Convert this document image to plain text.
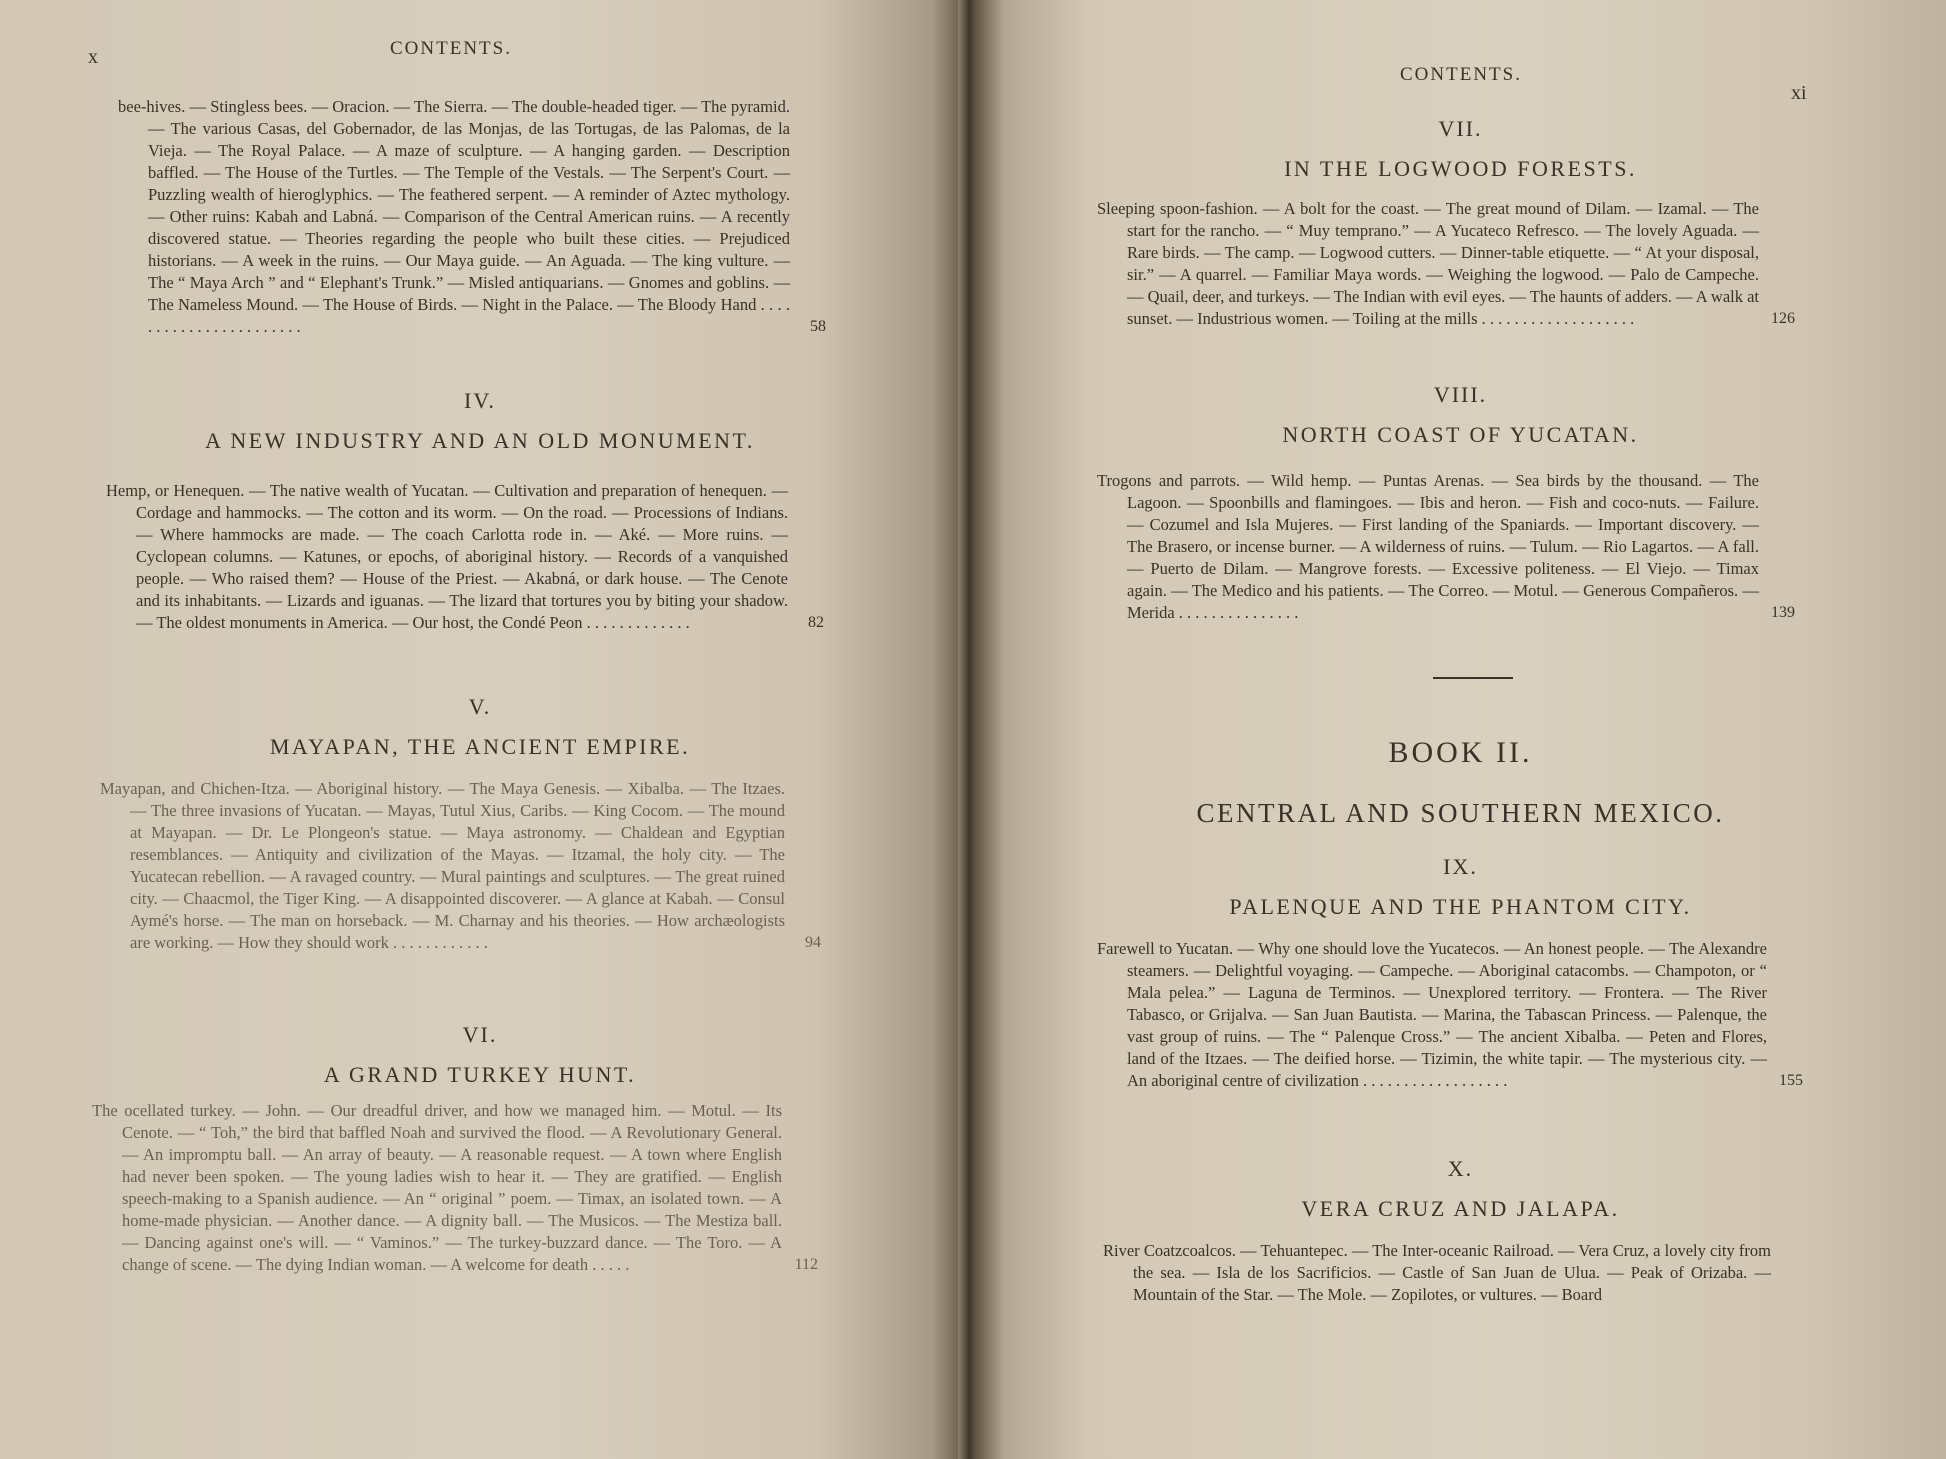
x	CONTENTS.
bee-hives. — Stingless bees. — Oracion. — The Sierra. — The double-headed tiger. — The pyramid. — The various Casas, del Gobernador, de las Monjas, de las Tortugas, de las Palomas, de la Vieja. — The Royal Palace. — A maze of sculpture. — A hanging garden. — Description baffled. — The House of the Turtles. — The Temple of the Vestals. — The Serpent's Court. — Puzzling wealth of hieroglyphics. — The feathered serpent. — A reminder of Aztec mythology. — Other ruins: Kabah and Labná. — Comparison of the Central American ruins. — A recently discovered statue. — Theories regarding the people who built these cities. — Prejudiced historians. — A week in the ruins. — Our Maya guide. — An Aguada. — The king vulture. — The “ Maya Arch ” and “ Elephant's Trunk.” — Misled antiquarians. — Gnomes and goblins. — The Nameless Mound. — The House of Birds. — Night in the Palace. — The Bloody Hand . . . . . . . . . . . . . . . . . . . . . . .	58
IV.
A NEW INDUSTRY AND AN OLD MONUMENT.
Hemp, or Henequen. — The native wealth of Yucatan. — Cultivation and preparation of henequen. — Cordage and hammocks. — The cotton and its worm. — On the road. — Processions of Indians. — Where hammocks are made. — The coach Carlotta rode in. — Aké. — More ruins. — Cyclopean columns. — Katunes, or epochs, of aboriginal history. — Records of a vanquished people. — Who raised them? — House of the Priest. — Akabná, or dark house. — The Cenote and its inhabitants. — Lizards and iguanas. — The lizard that tortures you by biting your shadow. — The oldest monuments in America. — Our host, the Condé Peon . . . . . . . . . . . . .	82
V.
MAYAPAN, THE ANCIENT EMPIRE.
Mayapan, and Chichen-Itza. — Aboriginal history. — The Maya Genesis. — Xibalba. — The Itzaes. — The three invasions of Yucatan. — Mayas, Tutul Xius, Caribs. — King Cocom. — The mound at Mayapan. — Dr. Le Plongeon's statue. — Maya astronomy. — Chaldean and Egyptian resemblances. — Antiquity and civilization of the Mayas. — Itzamal, the holy city. — The Yucatecan rebellion. — A ravaged country. — Mural paintings and sculptures. — The great ruined city. — Chaacmol, the Tiger King. — A disappointed discoverer. — A glance at Kabah. — Consul Aymé's horse. — The man on horseback. — M. Charnay and his theories. — How archæologists are working. — How they should work . . . . . . . . . . . .	94
VI.
A GRAND TURKEY HUNT.
The ocellated turkey. — John. — Our dreadful driver, and how we managed him. — Motul. — Its Cenote. — “ Toh,” the bird that baffled Noah and survived the flood. — A Revolutionary General. — An impromptu ball. — An array of beauty. — A reasonable request. — A town where English had never been spoken. — The young ladies wish to hear it. — They are gratified. — English speech-making to a Spanish audience. — An “ original ” poem. — Timax, an isolated town. — A home-made physician. — Another dance. — A dignity ball. — The Musicos. — The Mestiza ball. — Dancing against one's will. — “ Vaminos.” — The turkey-buzzard dance. — The Toro. — A change of scene. — The dying Indian woman. — A welcome for death . . . . .	112
CONTENTS.
xi
VII.
IN THE LOGWOOD FORESTS.
Sleeping spoon-fashion. — A bolt for the coast. — The great mound of Dilam. — Izamal. — The start for the rancho. — “ Muy temprano.” — A Yucateco Refresco. — The lovely Aguada. — Rare birds. — The camp. — Logwood cutters. — Dinner-table etiquette. — “ At your disposal, sir.” — A quarrel. — Familiar Maya words. — Weighing the logwood. — Palo de Campeche. — Quail, deer, and turkeys. — The Indian with evil eyes. — The haunts of adders. — A walk at sunset. — Industrious women. — Toiling at the mills . . . . . . . . . . . . . . . . . . .	126
VIII.
NORTH COAST OF YUCATAN.
Trogons and parrots. — Wild hemp. — Puntas Arenas. — Sea birds by the thousand. — The Lagoon. — Spoonbills and flamingoes. — Ibis and heron. — Fish and coco-nuts. — Failure. — Cozumel and Isla Mujeres. — First landing of the Spaniards. — Important discovery. — The Brasero, or incense burner. — A wilderness of ruins. — Tulum. — Rio Lagartos. — A fall. — Puerto de Dilam. — Mangrove forests. — Excessive politeness. — El Viejo. — Timax again. — The Medico and his patients. — The Correo. — Motul. — Generous Compañeros. — Merida . . . . . . . . . . . . . . .	139
BOOK II.
CENTRAL AND SOUTHERN MEXICO.
IX.
PALENQUE AND THE PHANTOM CITY.
Farewell to Yucatan. — Why one should love the Yucatecos. — An honest people. — The Alexandre steamers. — Delightful voyaging. — Campeche. — Aboriginal catacombs. — Champoton, or “ Mala pelea.” — Laguna de Terminos. — Unexplored territory. — Frontera. — The River Tabasco, or Grijalva. — San Juan Bautista. — Marina, the Tabascan Princess. — Palenque, the vast group of ruins. — The “ Palenque Cross.” — The ancient Xibalba. — Peten and Flores, land of the Itzaes. — The deified horse. — Tizimin, the white tapir. — The mysterious city. — An aboriginal centre of civilization . . . . . . . . . . . . . . . . . .	155
X.
VERA CRUZ AND JALAPA.
River Coatzcoalcos. — Tehuantepec. — The Inter-oceanic Railroad. — Vera Cruz, a lovely city from the sea. — Isla de los Sacrificios. — Castle of San Juan de Ulua. — Peak of Orizaba. — Mountain of the Star. — The Mole. — Zopilotes, or vultures. — Board
